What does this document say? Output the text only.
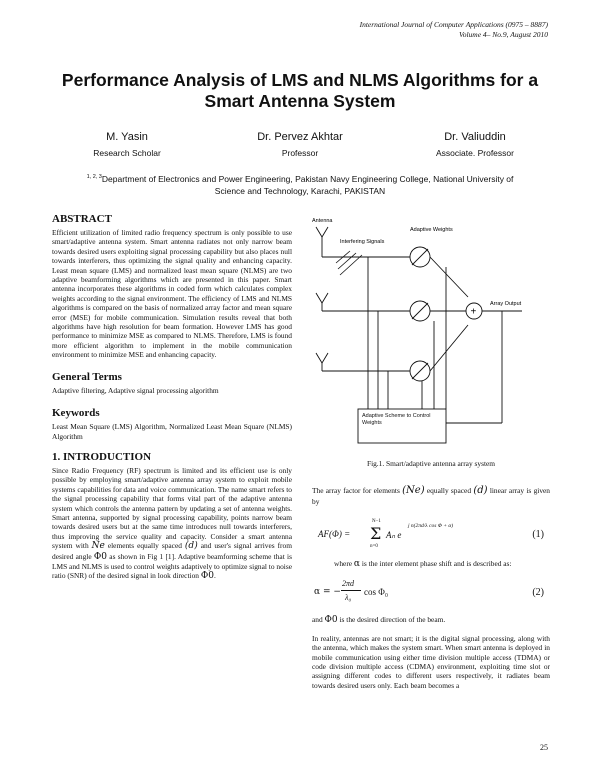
International Journal of Computer Applications (0975 – 8887)
Volume 4– No.9, August 2010
Performance Analysis of LMS and NLMS Algorithms for a
Smart Antenna System
M. Yasin
Research Scholar
Dr. Pervez Akhtar
Professor
Dr. Valiuddin
Associate. Professor
$^{1, 2, 3}$Department of Electronics and Power Engineering, Pakistan Navy Engineering College, National University of
Science and Technology, Karachi, PAKISTAN
ABSTRACT

Efficient utilization of limited radio frequency spectrum is only possible to use smart/adaptive antenna system. Smart antenna radiates not only narrow beam towards desired users exploiting signal processing capability but also places null towards interferers, thus optimizing the signal quality and enhancing capacity. Least mean square (LMS) and normalized least mean square (NLMS) are two adaptive beamforming algorithms which are presented in this paper. Smart antenna incorporates these algorithms in coded form which calculates complex weights according to the signal environment. The efficiency of LMS and NLMS algorithms is compared on the basis of normalized array factor and mean square error (MSE) for mobile communication. Simulation results reveal that both algorithms have high resolution for beam formation. However LMS has good performance to minimize MSE as compared to NLMS. Therefore, LMS is found more efficient algorithm to implement in the mobile communication environment to minimize MSE and enhancing capacity.

General Terms

Adaptive filtering, Adaptive signal processing algorithm

Keywords

Least Mean Square (LMS) Algorithm, Normalized Least Mean Square (NLMS) Algorithm

1. INTRODUCTION

Since Radio Frequency (RF) spectrum is limited and its efficient use is only possible by employing smart/adaptive antenna array system to exploit mobile systems capabilities for data and voice communication. The name smart refers to the signal processing capability that forms vital part of the adaptive antenna system which controls the antenna pattern by updating a set of antenna weights. Smart antenna, supported by signal processing capability, points narrow beam towards desired users but at the same time introduces null towards interferers, thus improving the service quality and capacity. Consider a smart antenna system with Ne elements equally spaced (d) and user's signal arrives from desired angle Φ0 as shown in Fig 1 [1]. Adaptive beamforming scheme that is LMS and NLMS is used to control weights adaptively to optimize signal to noise ratio (SNR) of the desired signal in look direction Φ0.

Antenna
Interfering Signals
Adaptive Weights
Array Output
+
Adaptive Scheme to Control Weights
Fig.1. Smart/adaptive antenna array system

The array factor for elements (Ne) equally spaced (d) linear array is given by

AF(Φ) =
N−1
Σ
n=0
Aₙ e
j n(2πd/λ cos Φ + α)
(1)

where α is the inter element phase shift and is described as:

α = −
2πd
λ₀
cos Φ₀	(2)

and Φ0 is the desired direction of the beam.

In reality, antennas are not smart; it is the digital signal processing, along with the antenna, which makes the system smart. When smart antenna is deployed in mobile communication using either time division multiple access (TDMA) or code division multiple access (CDMA) environment, exploiting time slot or assigning different codes to different users respectively, it radiates beam towards desired users only. Each beam becomes a

25
